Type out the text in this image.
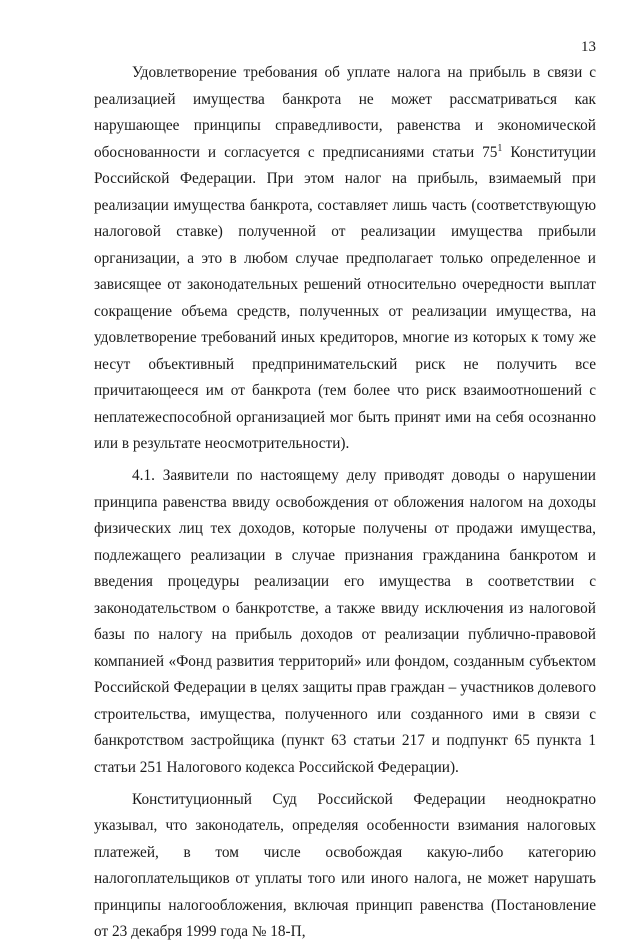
13

Удовлетворение требования об уплате налога на прибыль в связи с реализацией имущества банкрота не может рассматриваться как нарушающее принципы справедливости, равенства и экономической обоснованности и согласуется с предписаниями статьи $75^1$ Конституции Российской Федерации. При этом налог на прибыль, взимаемый при реализации имущества банкрота, составляет лишь часть (соответствующую налоговой ставке) полученной от реализации имущества прибыли организации, а это в любом случае предполагает только определенное и зависящее от законодательных решений относительно очередности выплат сокращение объема средств, полученных от реализации имущества, на удовлетворение требований иных кредиторов, многие из которых к тому же несут объективный предпринимательский риск не получить все причитающееся им от банкрота (тем более что риск взаимоотношений с неплатежеспособной организацией мог быть принят ими на себя осознанно или в результате неосмотрительности).

4.1. Заявители по настоящему делу приводят доводы о нарушении принципа равенства ввиду освобождения от обложения налогом на доходы физических лиц тех доходов, которые получены от продажи имущества, подлежащего реализации в случае признания гражданина банкротом и введения процедуры реализации его имущества в соответствии с законодательством о банкротстве, а также ввиду исключения из налоговой базы по налогу на прибыль доходов от реализации публично-правовой компанией «Фонд развития территорий» или фондом, созданным субъектом Российской Федерации в целях защиты прав граждан – участников долевого строительства, имущества, полученного или созданного ими в связи с банкротством застройщика (пункт 63 статьи 217 и подпункт 65 пункта 1 статьи 251 Налогового кодекса Российской Федерации).

Конституционный Суд Российской Федерации неоднократно указывал, что законодатель, определяя особенности взимания налоговых платежей, в том числе освобождая какую-либо категорию налогоплательщиков от уплаты того или иного налога, не может нарушать принципы налогообложения, включая принцип равенства (Постановление от 23 декабря 1999 года № 18-П,
